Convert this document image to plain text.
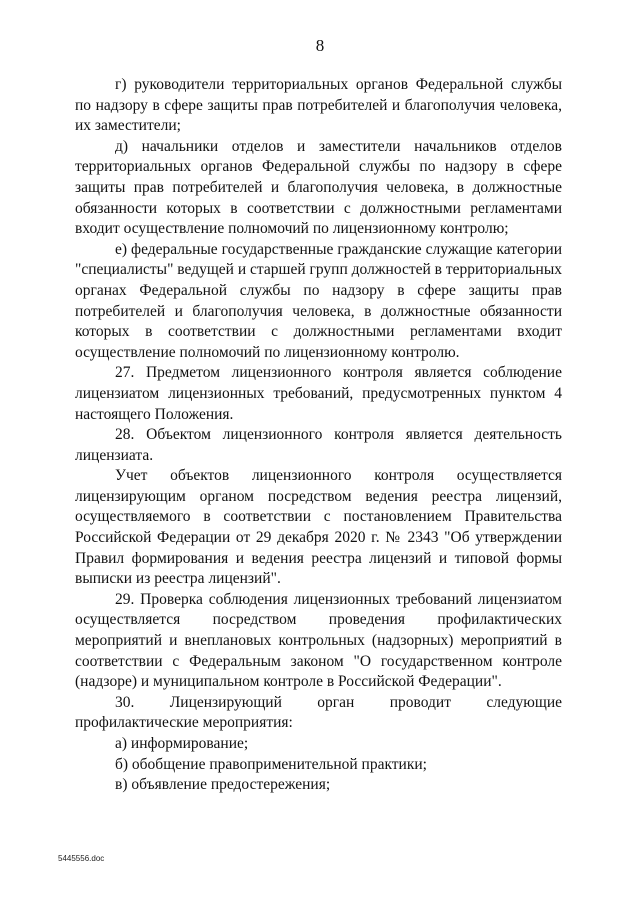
8

г) руководители территориальных органов Федеральной службы по надзору в сфере защиты прав потребителей и благополучия человека, их заместители;

д) начальники отделов и заместители начальников отделов территориальных органов Федеральной службы по надзору в сфере защиты прав потребителей и благополучия человека, в должностные обязанности которых в соответствии с должностными регламентами входит осуществление полномочий по лицензионному контролю;

е) федеральные государственные гражданские служащие категории "специалисты" ведущей и старшей групп должностей в территориальных органах Федеральной службы по надзору в сфере защиты прав потребителей и благополучия человека, в должностные обязанности которых в соответствии с должностными регламентами входит осуществление полномочий по лицензионному контролю.

27. Предметом лицензионного контроля является соблюдение лицензиатом лицензионных требований, предусмотренных пунктом 4 настоящего Положения.

28. Объектом лицензионного контроля является деятельность лицензиата.

Учет объектов лицензионного контроля осуществляется лицензирующим органом посредством ведения реестра лицензий, осуществляемого в соответствии с постановлением Правительства Российской Федерации от 29 декабря 2020 г. № 2343 "Об утверждении Правил формирования и ведения реестра лицензий и типовой формы выписки из реестра лицензий".

29. Проверка соблюдения лицензионных требований лицензиатом осуществляется посредством проведения профилактических мероприятий и внеплановых контрольных (надзорных) мероприятий в соответствии с Федеральным законом "О государственном контроле (надзоре) и муниципальном контроле в Российской Федерации".

30. Лицензирующий орган проводит следующие профилактические мероприятия:

а) информирование;

б) обобщение правоприменительной практики;

в) объявление предостережения;

5445556.doc
